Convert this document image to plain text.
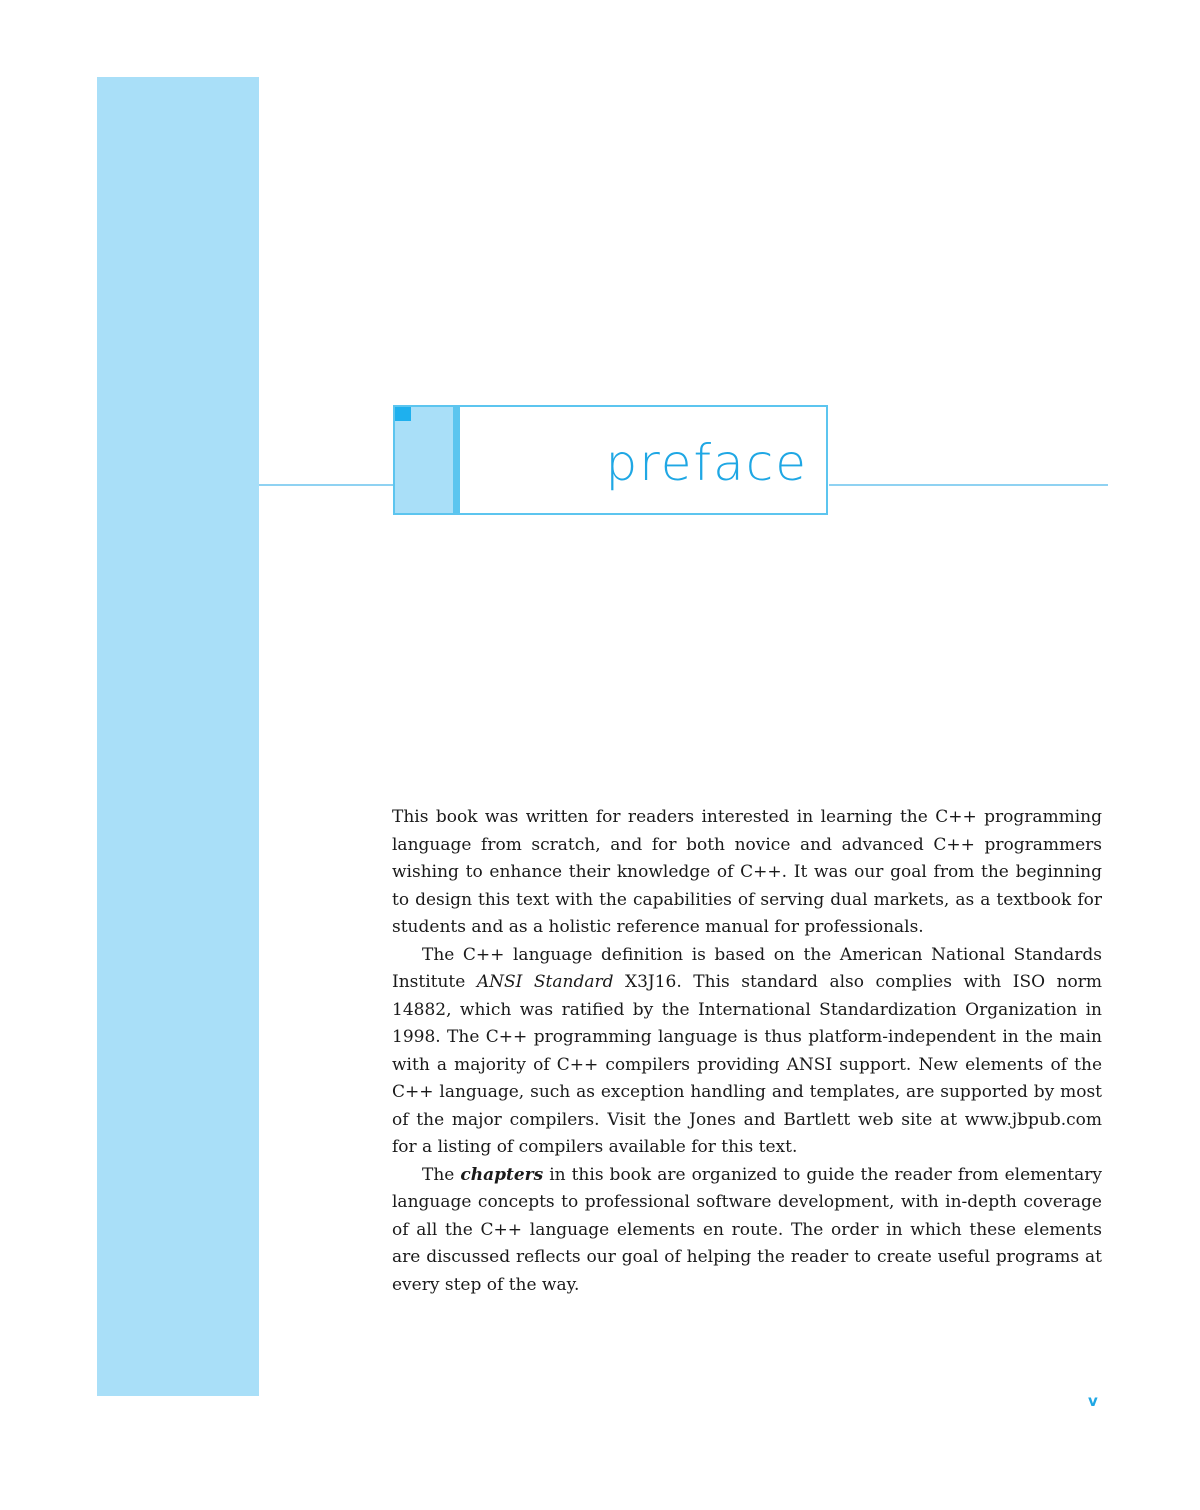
preface

This book was written for readers interested in learning the C++ programming language from scratch, and for both novice and advanced C++ programmers wishing to enhance their knowledge of C++. It was our goal from the beginning to design this text with the capabilities of serving dual markets, as a textbook for students and as a holistic reference manual for professionals.

The C++ language definition is based on the American National Standards Institute ANSI Standard X3J16. This standard also complies with ISO norm 14882, which was ratified by the International Standardization Organization in 1998. The C++ programming language is thus platform-independent in the main with a majority of C++ compilers providing ANSI support. New elements of the C++ language, such as exception handling and templates, are supported by most of the major compilers. Visit the Jones and Bartlett web site at www.jbpub.com for a listing of compilers available for this text.

The chapters in this book are organized to guide the reader from elementary language concepts to professional software development, with in-depth coverage of all the C++ language elements en route. The order in which these elements are discussed reflects our goal of helping the reader to create useful programs at every step of the way.

v
